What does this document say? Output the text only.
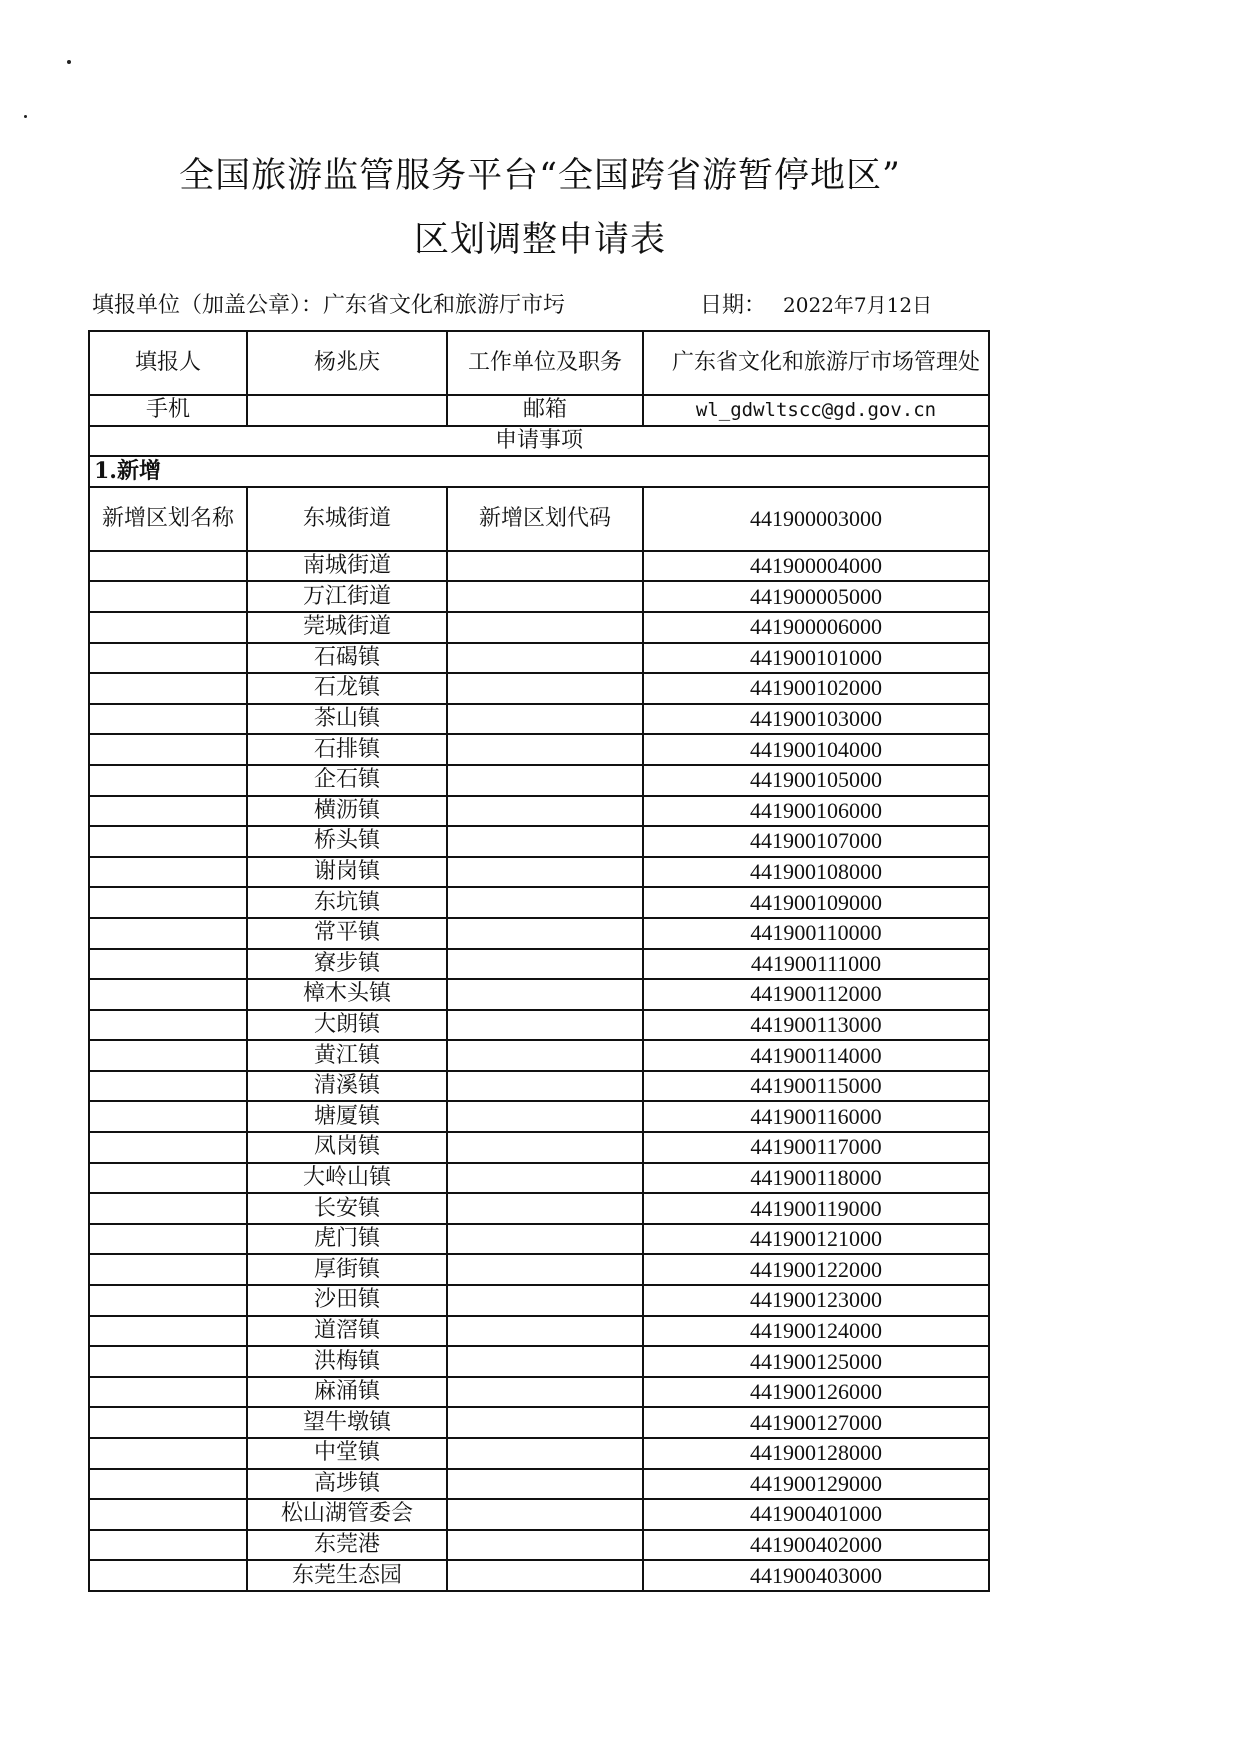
全国旅游监管服务平台“全国跨省游暂停地区”
区划调整申请表
填报单位（加盖公章）：广东省文化和旅游厅市圬	日期： 2022年7月12日
填报人	杨兆庆	工作单位及职务	广东省文化和旅游厅市场管理处
手机		邮箱	wl_gdwltscc@gd.gov.cn
申请事项			
1.新增			
新增区划名称	东城街道	新增区划代码	441900003000
	南城街道		441900004000
	万江街道		441900005000
	莞城街道		441900006000
	石碣镇		441900101000
	石龙镇		441900102000
	茶山镇		441900103000
	石排镇		441900104000
	企石镇		441900105000
	横沥镇		441900106000
	桥头镇		441900107000
	谢岗镇		441900108000
	东坑镇		441900109000
	常平镇		441900110000
	寮步镇		441900111000
	樟木头镇		441900112000
	大朗镇		441900113000
	黄江镇		441900114000
	清溪镇		441900115000
	塘厦镇		441900116000
	凤岗镇		441900117000
	大岭山镇		441900118000
	长安镇		441900119000
	虎门镇		441900121000
	厚街镇		441900122000
	沙田镇		441900123000
	道滘镇		441900124000
	洪梅镇		441900125000
	麻涌镇		441900126000
	望牛墩镇		441900127000
	中堂镇		441900128000
	高埗镇		441900129000
	松山湖管委会		441900401000
	东莞港		441900402000
	东莞生态园		441900403000
